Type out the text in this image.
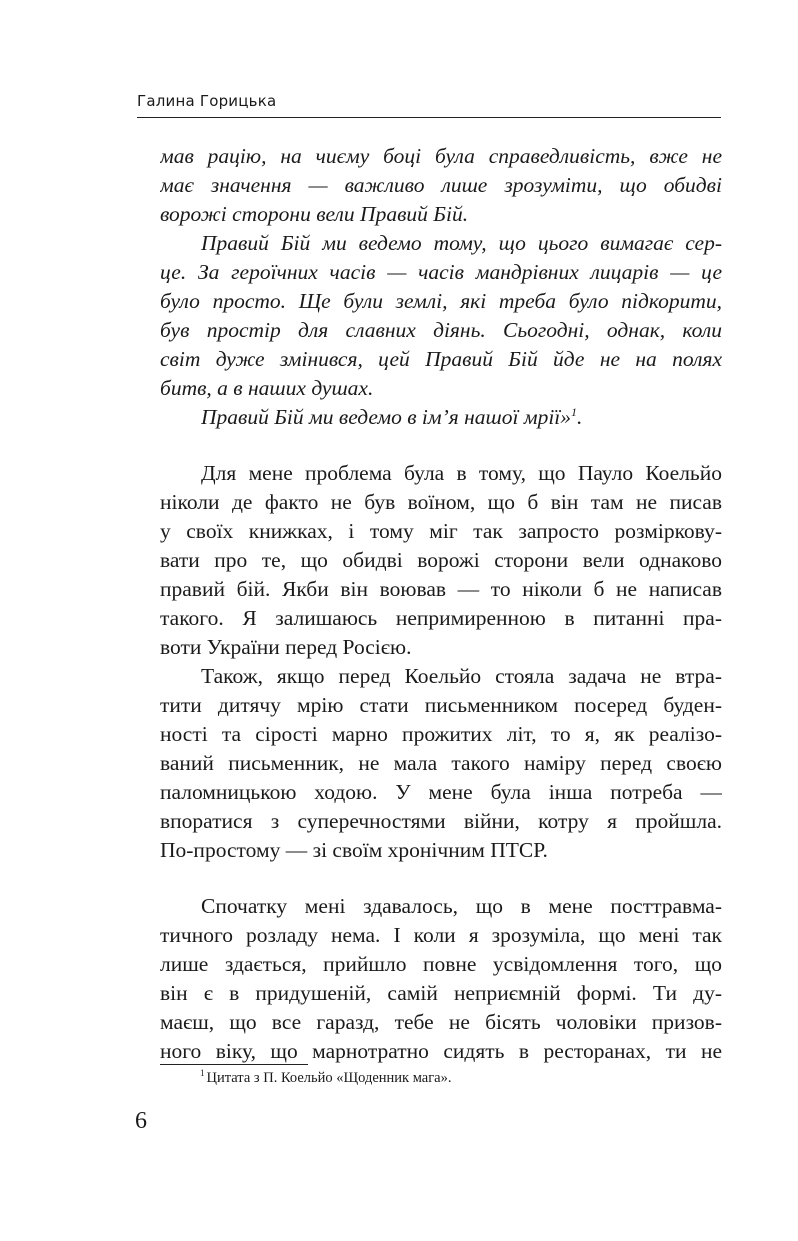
Галина Горицька
мав рацію, на чиєму боці була справедливість, вже не
має значення — важливо лише зрозуміти, що обидві
ворожі сторони вели Правий Бій.
Правий Бій ми ведемо тому, що цього вимагає сер-
це. За героїчних часів — часів мандрівних лицарів — це
було просто. Ще були землі, які треба було підкорити,
був простір для славних діянь. Сьогодні, однак, коли
світ дуже змінився, цей Правий Бій йде не на полях
битв, а в наших душах.
Правий Бій ми ведемо в ім’я нашої мрії»$^1$.
Для мене проблема була в тому, що Пауло Коельйо
ніколи де факто не був воїном, що б він там не писав
у своїх книжках, і тому міг так запросто розміркову-
вати про те, що обидві ворожі сторони вели однаково
правий бій. Якби він воював — то ніколи б не написав
такого. Я залишаюсь непримиренною в питанні пра-
воти України перед Росією.
Також, якщо перед Коельйо стояла задача не втра-
тити дитячу мрію стати письменником посеред буден-
ності та сірості марно прожитих літ, то я, як реалізо-
ваний письменник, не мала такого наміру перед своєю
паломницькою ходою. У мене була інша потреба —
впоратися з суперечностями війни, котру я пройшла.
По-простому — зі своїм хронічним ПТСР.
Спочатку мені здавалось, що в мене посттравма-
тичного розладу нема. І коли я зрозуміла, що мені так
лише здається, прийшло повне усвідомлення того, що
він є в придушеній, самій неприємній формі. Ти ду-
маєш, що все гаразд, тебе не бісять чоловіки призов-
ного віку, що марнотратно сидять в ресторанах, ти не
$^1$ Цитата з П. Коельйо «Щоденник мага».
6
